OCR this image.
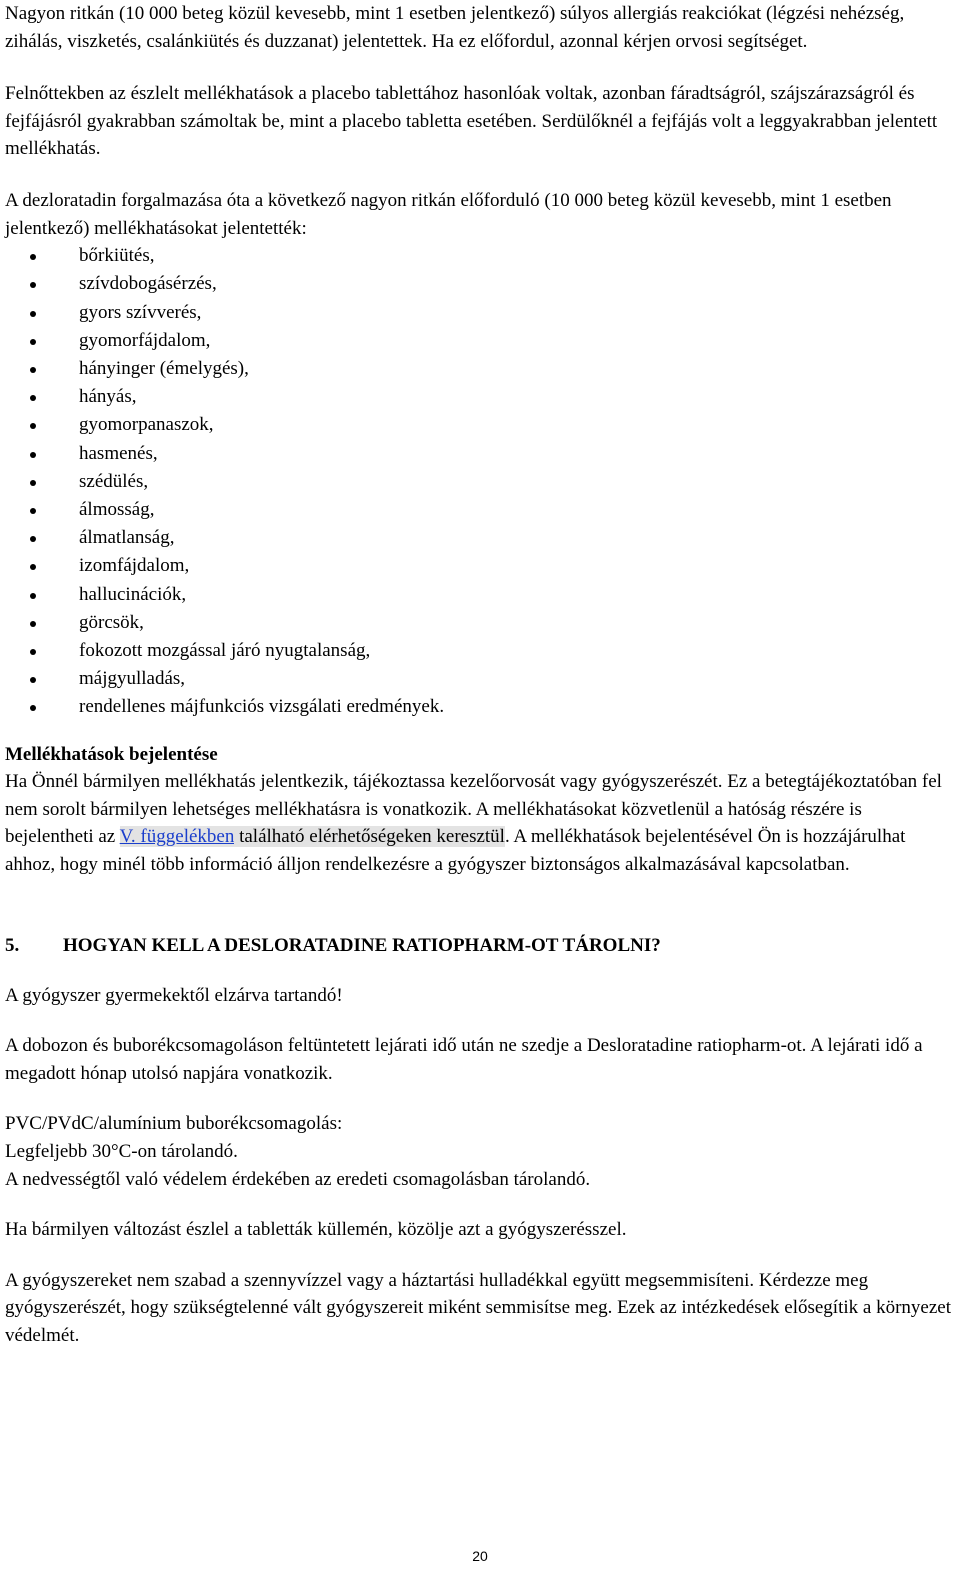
Nagyon ritkán (10 000 beteg közül kevesebb, mint 1 esetben jelentkező) súlyos allergiás reakciókat (légzési nehézség, zihálás, viszketés, csalánkiütés és duzzanat) jelentettek. Ha ez előfordul, azonnal kérjen orvosi segítséget.

Felnőttekben az észlelt mellékhatások a placebo tablettához hasonlóak voltak, azonban fáradtságról, szájszárazságról és fejfájásról gyakrabban számoltak be, mint a placebo tabletta esetében. Serdülőknél a fejfájás volt a leggyakrabban jelentett mellékhatás.

A dezloratadin forgalmazása óta a következő nagyon ritkán előforduló (10 000 beteg közül kevesebb, mint 1 esetben jelentkező) mellékhatásokat jelentették:

bőrkiütés,
szívdobogásérzés,
gyors szívverés,
gyomorfájdalom,
hányinger (émelygés),
hányás,
gyomorpanaszok,
hasmenés,
szédülés,
álmosság,
álmatlanság,
izomfájdalom,
hallucinációk,
görcsök,
fokozott mozgással járó nyugtalanság,
májgyulladás,
rendellenes májfunkciós vizsgálati eredmények.

Mellékhatások bejelentése

Ha Önnél bármilyen mellékhatás jelentkezik, tájékoztassa kezelőorvosát vagy gyógyszerészét. Ez a betegtájékoztatóban fel nem sorolt bármilyen lehetséges mellékhatásra is vonatkozik. A mellékhatásokat közvetlenül a hatóság részére is bejelentheti az V. függelékben található elérhetőségeken keresztül. A mellékhatások bejelentésével Ön is hozzájárulhat ahhoz, hogy minél több információ álljon rendelkezésre a gyógyszer biztonságos alkalmazásával kapcsolatban.

5.	HOGYAN KELL A DESLORATADINE RATIOPHARM-OT TÁROLNI?

A gyógyszer gyermekektől elzárva tartandó!

A dobozon és buborékcsomagoláson feltüntetett lejárati idő után ne szedje a Desloratadine ratiopharm-ot. A lejárati idő a megadott hónap utolsó napjára vonatkozik.

PVC/PVdC/alumínium buborékcsomagolás:

Legfeljebb 30°C-on tárolandó.

A nedvességtől való védelem érdekében az eredeti csomagolásban tárolandó.

Ha bármilyen változást észlel a tabletták küllemén, közölje azt a gyógyszerésszel.

A gyógyszereket nem szabad a szennyvízzel vagy a háztartási hulladékkal együtt megsemmisíteni. Kérdezze meg gyógyszerészét, hogy szükségtelenné vált gyógyszereit miként semmisítse meg. Ezek az intézkedések elősegítik a környezet védelmét.

20
